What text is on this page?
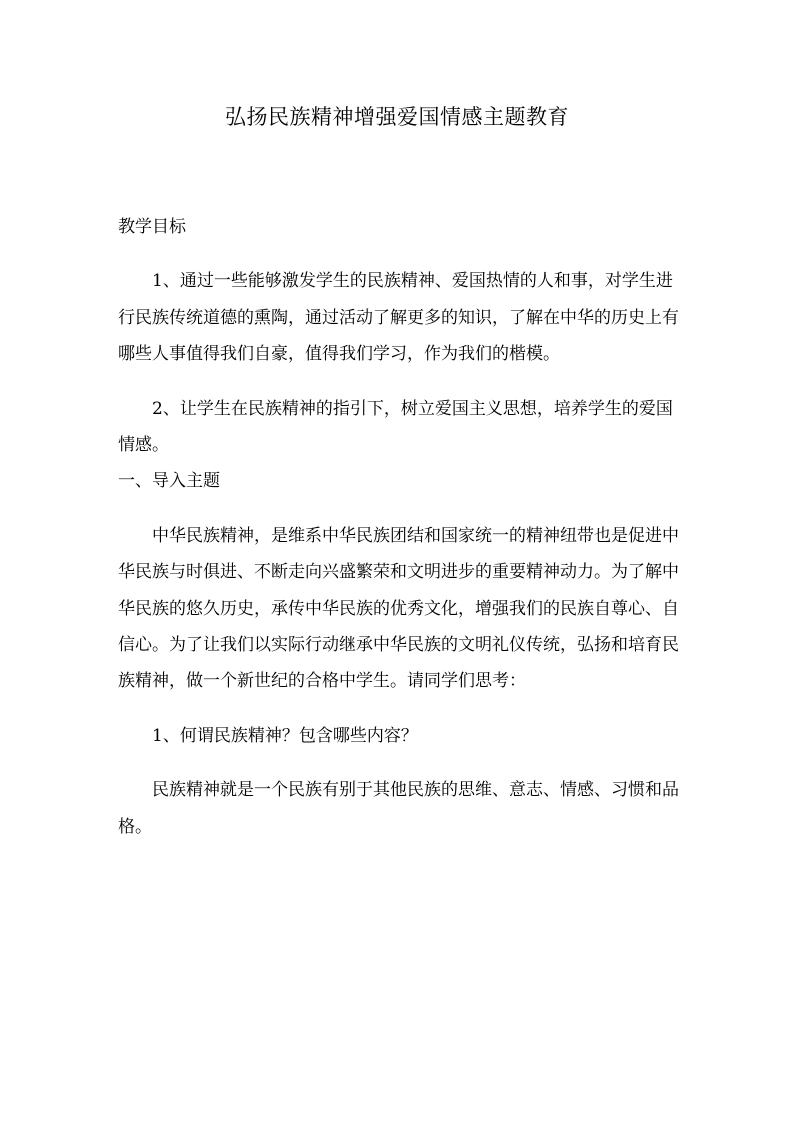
弘扬民族精神增强爱国情感主题教育

教学目标

1、通过一些能够激发学生的民族精神、爱国热情的人和事，对学生进行民族传统道德的熏陶，通过活动了解更多的知识，了解在中华的历史上有哪些人事值得我们自豪，值得我们学习，作为我们的楷模。

2、让学生在民族精神的指引下，树立爱国主义思想，培养学生的爱国情感。

一、导入主题

中华民族精神，是维系中华民族团结和国家统一的精神纽带也是促进中华民族与时俱进、不断走向兴盛繁荣和文明进步的重要精神动力。为了解中华民族的悠久历史，承传中华民族的优秀文化，增强我们的民族自尊心、自信心。为了让我们以实际行动继承中华民族的文明礼仪传统，弘扬和培育民族精神，做一个新世纪的合格中学生。请同学们思考：

1、何谓民族精神？包含哪些内容？

民族精神就是一个民族有别于其他民族的思维、意志、情感、习惯和品格。
